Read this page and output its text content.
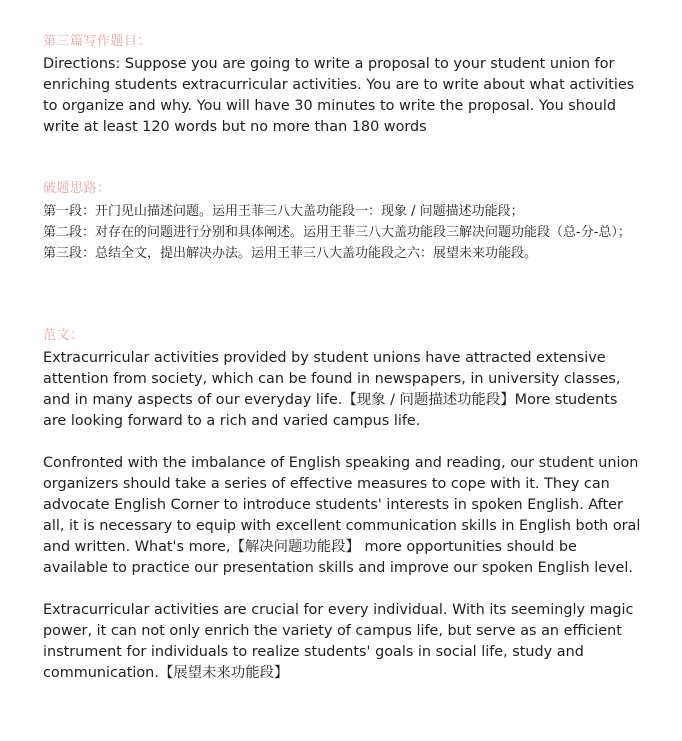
第三篇写作题目：

Directions: Suppose you are going to write a proposal to your student union for enriching students extracurricular activities. You are to write about what activities to organize and why. You will have 30 minutes to write the proposal. You should write at least 120 words but no more than 180 words

破题思路：

第一段：开门见山描述问题。运用王菲三八大盖功能段一：现象 / 问题描述功能段；

第二段：对存在的问题进行分别和具体阐述。运用王菲三八大盖功能段三解决问题功能段（总-分-总）；

第三段：总结全文，提出解决办法。运用王菲三八大盖功能段之六：展望未来功能段。

范文：

Extracurricular activities provided by student unions have attracted extensive attention from society, which can be found in newspapers, in university classes, and in many aspects of our everyday life.【现象 / 问题描述功能段】More students are looking forward to a rich and varied campus life.

Confronted with the imbalance of English speaking and reading, our student union organizers should take a series of effective measures to cope with it. They can advocate English Corner to introduce students' interests in spoken English. After all, it is necessary to equip with excellent communication skills in English both oral and written. What's more,【解决问题功能段】 more opportunities should be available to practice our presentation skills and improve our spoken English level.

Extracurricular activities are crucial for every individual. With its seemingly magic power, it can not only enrich the variety of campus life, but serve as an efficient instrument for individuals to realize students' goals in social life, study and communication.【展望未来功能段】
